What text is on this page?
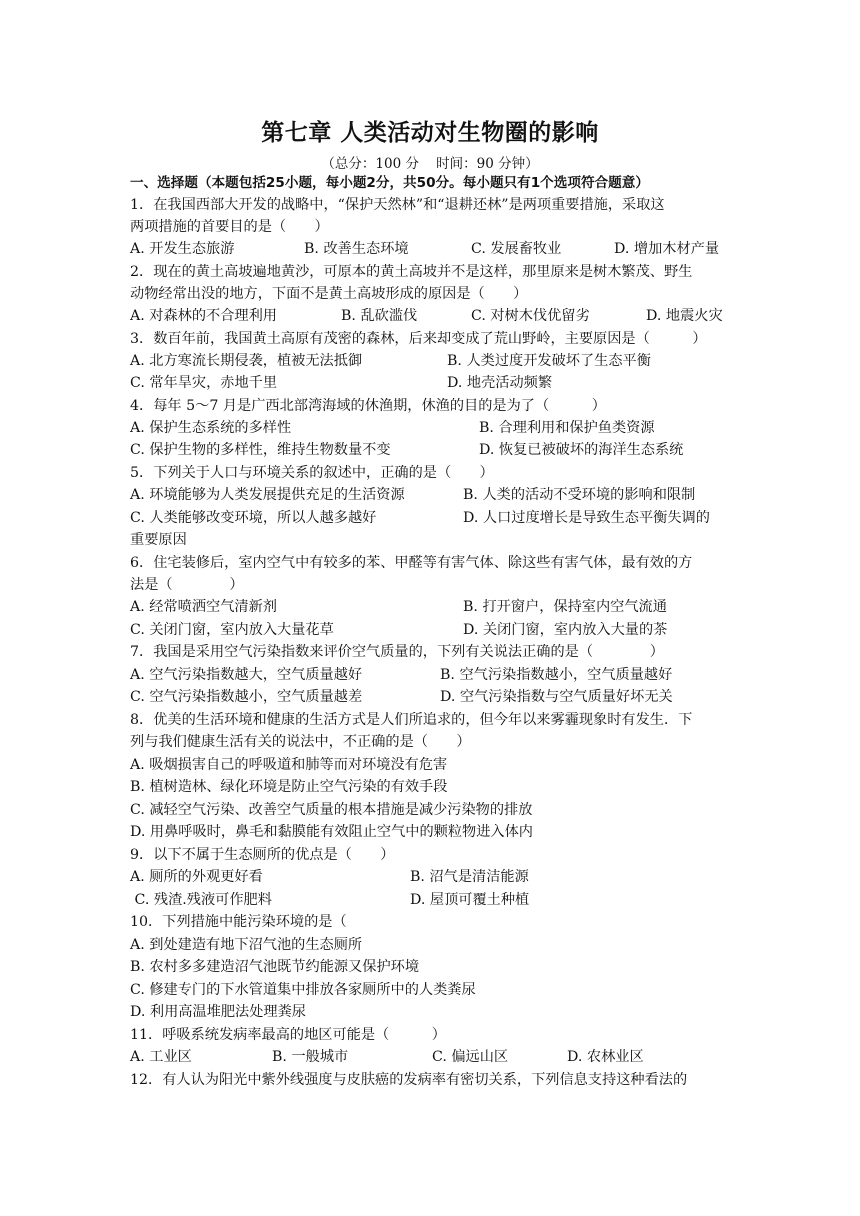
第七章 人类活动对生物圈的影响
（总分：100 分    时间：90 分钟）
一、选择题（本题包括25小题，每小题2分，共50分。每小题只有1个选项符合题意）
1．在我国西部大开发的战略中，“保护天然林”和“退耕还林”是两项重要措施，采取这
两项措施的首要目的是（　　）
A. 开发生态旅游	B. 改善生态环境	C. 发展畜牧业	D. 增加木材产量
2．现在的黄土高坡遍地黄沙，可原本的黄土高坡并不是这样，那里原来是树木繁茂、野生
动物经常出没的地方，下面不是黄土高坡形成的原因是（　　）
A. 对森林的不合理利用	B. 乱砍滥伐	C. 对树木伐优留劣	D. 地震火灾
3．数百年前，我国黄土高原有茂密的森林，后来却变成了荒山野岭，主要原因是（　　　）
A. 北方寒流长期侵袭，植被无法抵御	B. 人类过度开发破坏了生态平衡
C. 常年旱灾，赤地千里	D. 地壳活动频繁
4．每年 5～7 月是广西北部湾海域的休渔期，休渔的目的是为了（　　　）
A. 保护生态系统的多样性	B. 合理利用和保护鱼类资源
C. 保护生物的多样性，维持生物数量不变	D. 恢复已被破坏的海洋生态系统
5．下列关于人口与环境关系的叙述中，正确的是（　　）
A. 环境能够为人类发展提供充足的生活资源	B. 人类的活动不受环境的影响和限制
C. 人类能够改变环境，所以人越多越好	D. 人口过度增长是导致生态平衡失调的
重要原因
6．住宅装修后，室内空气中有较多的苯、甲醛等有害气体、除这些有害气体，最有效的方
法是（　　　　）
A. 经常喷洒空气清新剂	B. 打开窗户，保持室内空气流通
C. 关闭门窗，室内放入大量花草	D. 关闭门窗，室内放入大量的茶
7．我国是采用空气污染指数来评价空气质量的，下列有关说法正确的是（　　　　）
A. 空气污染指数越大，空气质量越好	B. 空气污染指数越小，空气质量越好
C. 空气污染指数越小，空气质量越差	D. 空气污染指数与空气质量好坏无关
8．优美的生活环境和健康的生活方式是人们所追求的，但今年以来雾霾现象时有发生．下
列与我们健康生活有关的说法中，不正确的是（　　）
A. 吸烟损害自己的呼吸道和肺等而对环境没有危害
B. 植树造林、绿化环境是防止空气污染的有效手段
C. 减轻空气污染、改善空气质量的根本措施是减少污染物的排放
D. 用鼻呼吸时，鼻毛和黏膜能有效阻止空气中的颗粒物进入体内
9．以下不属于生态厕所的优点是（　　）
A. 厕所的外观更好看	B. 沼气是清洁能源
C. 残渣.残液可作肥料	D. 屋顶可覆土种植
10．下列措施中能污染环境的是（
A. 到处建造有地下沼气池的生态厕所
B. 农村多多建造沼气池既节约能源又保护环境
C. 修建专门的下水管道集中排放各家厕所中的人类粪尿
D. 利用高温堆肥法处理粪尿
11．呼吸系统发病率最高的地区可能是（　　　）
A. 工业区	B. 一般城市	C. 偏远山区	D. 农林业区
12．有人认为阳光中紫外线强度与皮肤癌的发病率有密切关系，下列信息支持这种看法的
